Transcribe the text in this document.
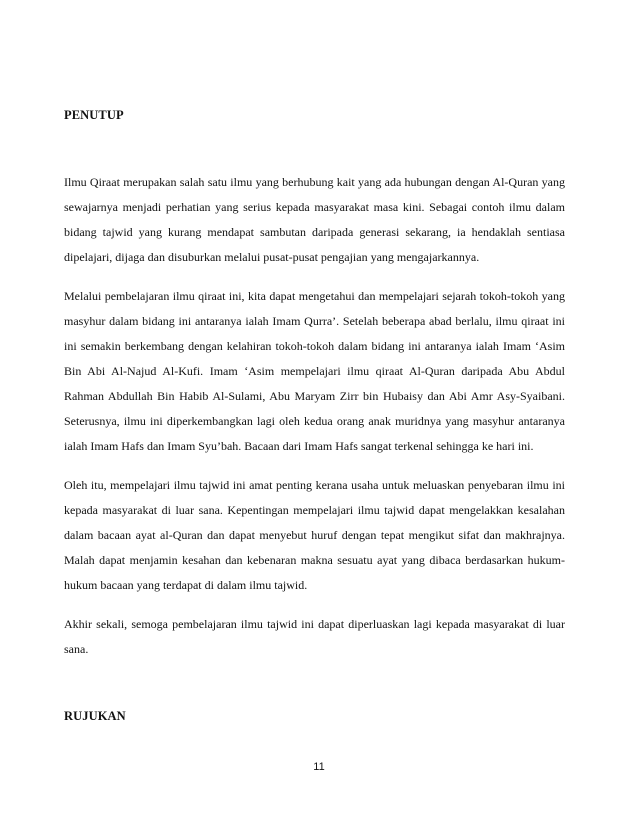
PENUTUP

Ilmu Qiraat merupakan salah satu ilmu yang berhubung kait yang ada hubungan dengan Al-Quran yang sewajarnya menjadi perhatian yang serius kepada masyarakat masa kini. Sebagai contoh ilmu dalam bidang tajwid yang kurang mendapat sambutan daripada generasi sekarang, ia hendaklah sentiasa dipelajari, dijaga dan disuburkan melalui pusat-pusat pengajian yang mengajarkannya.

Melalui pembelajaran ilmu qiraat ini, kita dapat mengetahui dan mempelajari sejarah tokoh-tokoh yang masyhur dalam bidang ini antaranya ialah Imam Qurra’. Setelah beberapa abad berlalu, ilmu qiraat ini ini semakin berkembang dengan kelahiran tokoh-tokoh dalam bidang ini antaranya ialah Imam ‘Asim Bin Abi Al-Najud Al-Kufi. Imam ‘Asim mempelajari ilmu qiraat Al-Quran daripada Abu Abdul Rahman Abdullah Bin Habib Al-Sulami, Abu Maryam Zirr bin Hubaisy dan Abi Amr Asy-Syaibani. Seterusnya, ilmu ini diperkembangkan lagi oleh kedua orang anak muridnya yang masyhur antaranya ialah Imam Hafs dan Imam Syu’bah. Bacaan dari Imam Hafs sangat terkenal sehingga ke hari ini.

Oleh itu, mempelajari ilmu tajwid ini amat penting kerana usaha untuk meluaskan penyebaran ilmu ini kepada masyarakat di luar sana. Kepentingan mempelajari ilmu tajwid dapat mengelakkan kesalahan dalam bacaan ayat al-Quran dan dapat menyebut huruf dengan tepat mengikut sifat dan makhrajnya. Malah dapat menjamin kesahan dan kebenaran makna sesuatu ayat yang dibaca berdasarkan hukum-hukum bacaan yang terdapat di dalam ilmu tajwid.

Akhir sekali, semoga pembelajaran ilmu tajwid ini dapat diperluaskan lagi kepada masyarakat di luar sana.

RUJUKAN
11
